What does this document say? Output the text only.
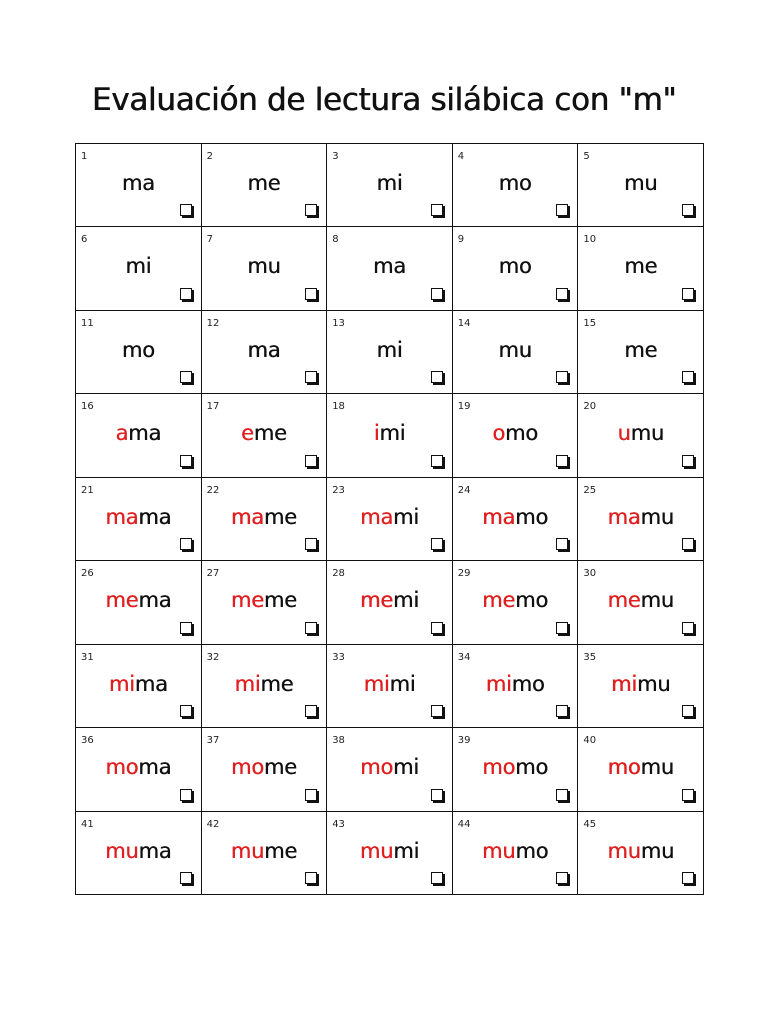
Evaluación de lectura silábica con "m"
1
ma
2
me
3
mi
4
mo
5
mu
6
mi
7
mu
8
ma
9
mo
10
me
11
mo
12
ma
13
mi
14
mu
15
me
16
ama
17
eme
18
imi
19
omo
20
umu
21
mama
22
mame
23
mami
24
mamo
25
mamu
26
mema
27
meme
28
memi
29
memo
30
memu
31
mima
32
mime
33
mimi
34
mimo
35
mimu
36
moma
37
mome
38
momi
39
momo
40
momu
41
muma
42
mume
43
mumi
44
mumo
45
mumu
